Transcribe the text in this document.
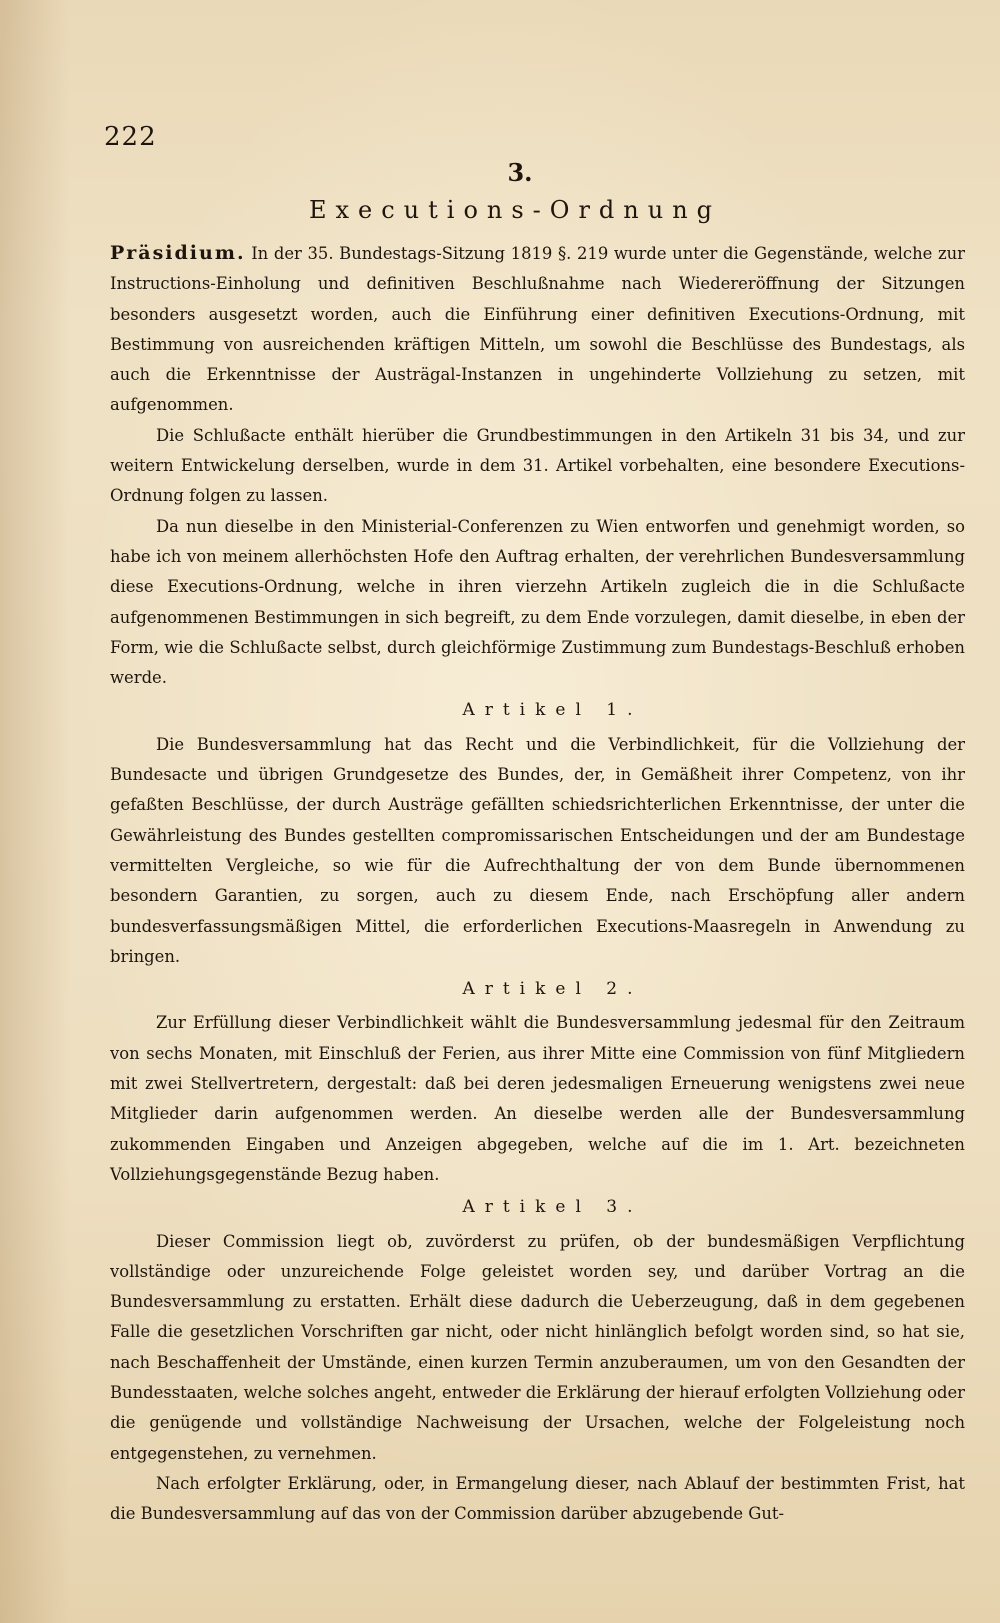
222
3.
Executions-Ordnung

Präsidium. In der 35. Bundestags-Sitzung 1819 §. 219 wurde unter die Gegenstände, welche zur Instructions-Einholung und definitiven Beschlußnahme nach Wiedereröffnung der Sitzungen besonders ausgesetzt worden, auch die Einführung einer definitiven Executions-Ordnung, mit Bestimmung von ausreichenden kräftigen Mitteln, um sowohl die Beschlüsse des Bundestags, als auch die Erkenntnisse der Austrägal-Instanzen in ungehinderte Vollziehung zu setzen, mit aufgenommen.

Die Schlußacte enthält hierüber die Grundbestimmungen in den Artikeln 31 bis 34, und zur weitern Entwickelung derselben, wurde in dem 31. Artikel vorbehalten, eine besondere Executions-Ordnung folgen zu lassen.

Da nun dieselbe in den Ministerial-Conferenzen zu Wien entworfen und genehmigt worden, so habe ich von meinem allerhöchsten Hofe den Auftrag erhalten, der verehrlichen Bundesversammlung diese Executions-Ordnung, welche in ihren vierzehn Artikeln zugleich die in die Schlußacte aufgenommenen Bestimmungen in sich begreift, zu dem Ende vorzulegen, damit dieselbe, in eben der Form, wie die Schlußacte selbst, durch gleichförmige Zustimmung zum Bundestags-Beschluß erhoben werde.

Artikel 1.

Die Bundesversammlung hat das Recht und die Verbindlichkeit, für die Vollziehung der Bundesacte und übrigen Grundgesetze des Bundes, der, in Gemäßheit ihrer Competenz, von ihr gefaßten Beschlüsse, der durch Austräge gefällten schiedsrichterlichen Erkenntnisse, der unter die Gewährleistung des Bundes gestellten compromissarischen Entscheidungen und der am Bundestage vermittelten Vergleiche, so wie für die Aufrechthaltung der von dem Bunde übernommenen besondern Garantien, zu sorgen, auch zu diesem Ende, nach Erschöpfung aller andern bundesverfassungsmäßigen Mittel, die erforderlichen Executions-Maasregeln in Anwendung zu bringen.

Artikel 2.

Zur Erfüllung dieser Verbindlichkeit wählt die Bundesversammlung jedesmal für den Zeitraum von sechs Monaten, mit Einschluß der Ferien, aus ihrer Mitte eine Commission von fünf Mitgliedern mit zwei Stellvertretern, dergestalt: daß bei deren jedesmaligen Erneuerung wenigstens zwei neue Mitglieder darin aufgenommen werden. An dieselbe werden alle der Bundesversammlung zukommenden Eingaben und Anzeigen abgegeben, welche auf die im 1. Art. bezeichneten Vollziehungsgegenstände Bezug haben.

Artikel 3.

Dieser Commission liegt ob, zuvörderst zu prüfen, ob der bundesmäßigen Verpflichtung vollständige oder unzureichende Folge geleistet worden sey, und darüber Vortrag an die Bundesversammlung zu erstatten. Erhält diese dadurch die Ueberzeugung, daß in dem gegebenen Falle die gesetzlichen Vorschriften gar nicht, oder nicht hinlänglich befolgt worden sind, so hat sie, nach Beschaffenheit der Umstände, einen kurzen Termin anzuberaumen, um von den Gesandten der Bundesstaaten, welche solches angeht, entweder die Erklärung der hierauf erfolgten Vollziehung oder die genügende und vollständige Nachweisung der Ursachen, welche der Folgeleistung noch entgegenstehen, zu vernehmen.

Nach erfolgter Erklärung, oder, in Ermangelung dieser, nach Ablauf der bestimmten Frist, hat die Bundesversammlung auf das von der Commission darüber abzugebende Gut-
